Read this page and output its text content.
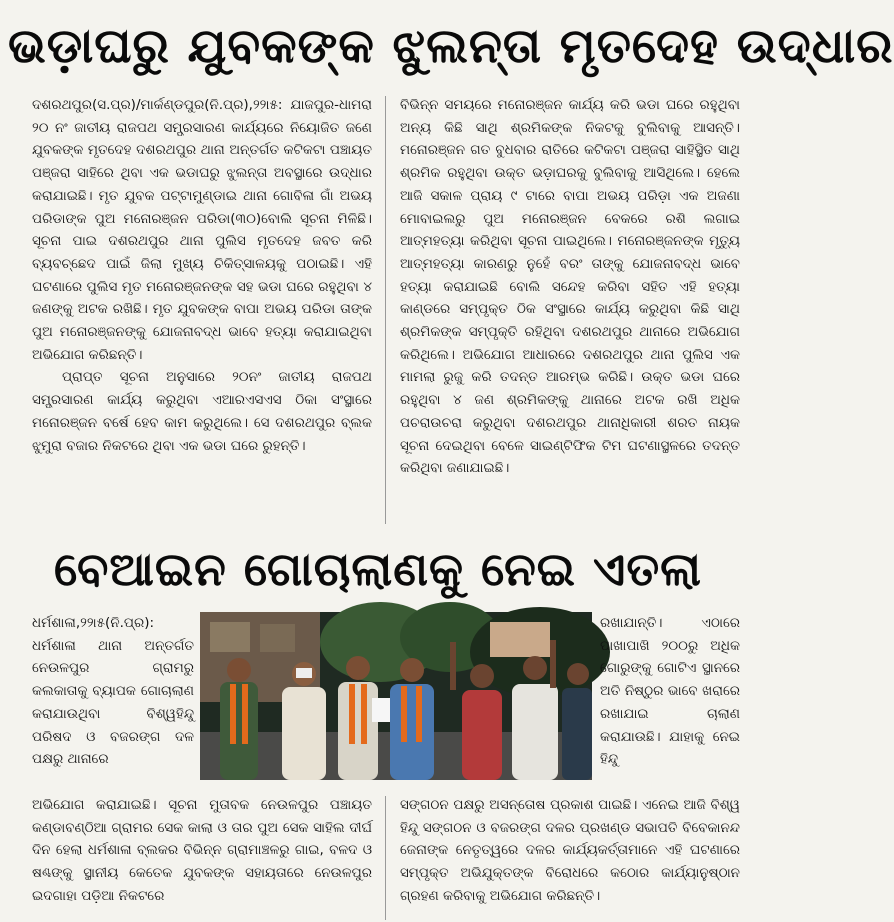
ଭଡ଼ାଘରୁ ଯୁବକଙ୍କ ଝୁଲନ୍ତା ମୃତଦେହ ଉଦ୍ଧାର

ଦଶରଥପୁର(ସ.ପ୍ର)/ମାର୍କଣ୍ଡପୁର(ନି.ପ୍ର),୨୨ା୫: ଯାଜପୁର-ଧାମରା ୨୦ ନଂ ଜାତୀୟ ରାଜପଥ ସମ୍ପ୍ରସାରଣ କାର୍ଯ୍ୟରେ ନିୟୋଜିତ ଜଣେ ଯୁବକଙ୍କ ମୃତଦେହ ଦଶରଥପୁର ଥାନା ଅନ୍ତର୍ଗତ କଟିକଟା ପଞ୍ଚାୟତ ପଞ୍ଜରା ସାହିରେ ଥିବା ଏକ ଭଡାଘରୁ ଝୁଲନ୍ତା ଅବସ୍ଥାରେ ଉଦ୍ଧାର କରାଯାଇଛି। ମୃତ ଯୁବକ ପଟ୍ଟାମୁଣ୍ଡାଇ ଥାନା ଗୋବିଳା ଗାଁ ଅଭୟ ପରିଡାଙ୍କ ପୁଅ ମନୋରଞ୍ଜନ ପରିଡା(୩୦)ବୋଲି ସୂଚନା ମିଳିଛି। ସୂଚନା ପାଇ ଦଶରଥପୁର ଥାନା ପୁଲିସ ମୃତଦେହ ଜବତ କରି ବ୍ୟବଚ୍ଛେଦ ପାଇଁ ଜିଲା ମୁଖ୍ୟ ଚିକିତ୍ସାଳୟକୁ ପଠାଇଛି। ଏହି ଘଟଣାରେ ପୁଲିସ ମୃତ ମନୋରଞ୍ଜନଙ୍କ ସହ ଭଡା ଘରେ ରହୁଥିବା ୪ ଜଣଙ୍କୁ ଅଟକ ରଖିଛି। ମୃତ ଯୁବକଙ୍କ ବାପା ଅଭୟ ପରିଡା ତାଙ୍କ ପୁଅ ମନୋରଞ୍ଜନଙ୍କୁ ଯୋଜନାବଦ୍ଧ ଭାବେ ହତ୍ୟା କରାଯାଇଥିବା ଅଭିଯୋଗ କରିଛନ୍ତି।

ପ୍ରାପ୍ତ ସୂଚନା ଅନୁସାରେ ୨୦ନଂ ଜାତୀୟ ରାଜପଥ ସମ୍ପ୍ରସାରଣ କାର୍ଯ୍ୟ କରୁଥିବା ଏଆରଏସଏସ ଠିକା ସଂସ୍ଥାରେ ମନୋରଞ୍ଜନ ବର୍ଷେ ହେବ କାମ କରୁଥିଲେ। ସେ ଦଶରଥପୁର ବ୍ଲକ ଝୁମୁରା ବଜାର ନିକଟରେ ଥିବା ଏକ ଭଡା ଘରେ ରୁହନ୍ତି।

ବିଭିନ୍ନ ସମୟରେ ମନୋରଞ୍ଜନ କାର୍ଯ୍ୟ କରି ଭଡା ଘରେ ରହୁଥିବା ଅନ୍ୟ କିଛି ସାଥି ଶ୍ରମିକଙ୍କ ନିକଟକୁ ବୁଲିବାକୁ ଆସନ୍ତି। ମନୋରଞ୍ଜନ ଗତ ବୁଧବାର ରାତିରେ କଟିକଟା ପଞ୍ଜରା ସାହିସ୍ଥିତ ସାଥି ଶ୍ରମିକ ରହୁଥିବା ଉକ୍ତ ଭଡ଼ାଘରକୁ ବୁଲିବାକୁ ଆସିଥିଲେ। ହେଲେ ଆଜି ସକାଳ ପ୍ରାୟ ୯ ଟାରେ ବାପା ଅଭୟ ପରିଡ଼ା ଏକ ଅଜଣା ମୋବାଇଲରୁ ପୁଅ ମନୋରଞ୍ଜନ ବେକରେ ରଶି ଲଗାଇ ଆତ୍ମହତ୍ୟା କରିଥିବା ସୂଚନା ପାଇଥିଲେ। ମନୋରଞ୍ଜନଙ୍କ ମୃତ୍ୟୁ ଆତ୍ମହତ୍ୟା କାରଣରୁ ନୁହେଁ ବରଂ ତାଙ୍କୁ ଯୋଜନାବଦ୍ଧ ଭାବେ ହତ୍ୟା କରାଯାଇଛି ବୋଲି ସନ୍ଦେହ କରିବା ସହିତ ଏହି ହତ୍ୟା କାଣ୍ଡରେ ସମ୍ପୃକ୍ତ ଠିକ ସଂସ୍ଥାରେ କାର୍ଯ୍ୟ କରୁଥିବା କିଛି ସାଥି ଶ୍ରମିକଙ୍କ ସମ୍ପୃକ୍ତି ରହିଥିବା ଦଶରଥପୁର ଥାନାରେ ଅଭିଯୋଗ କରିଥିଲେ। ଅଭିଯୋଗ ଆଧାରରେ ଦଶରଥପୁର ଥାନା ପୁଲିସ ଏକ ମାମଲା ରୁଜୁ କରି ତଦନ୍ତ ଆରମ୍ଭ କରିଛି। ଉକ୍ତ ଭଡା ଘରେ ରହୁଥିବା ୪ ଜଣ ଶ୍ରମିକଙ୍କୁ ଥାନାରେ ଅଟକ ରଖି ଅଧିକ ପଚରାଉଚରା କରୁଥିବା ଦଶରଥପୁର ଥାନାଧିକାରୀ ଶରତ ନାୟକ ସୂଚନା ଦେଇଥିବା ବେଳେ ସାଇଣ୍ଟିଫିକ ଟିମ ଘଟଣାସ୍ଥଳରେ ତଦନ୍ତ କରିଥିବା ଜଣାଯାଇଛି।

ବେଆଇନ ଗୋଚାଲାଣକୁ ନେଇ ଏତଲା

ଧର୍ମଶାଳା,୨୨ା୫(ନି.ପ୍ର): ଧର୍ମଶାଳା ଥାନା ଅନ୍ତର୍ଗତ ନେଉଳପୁର ଗ୍ରାମରୁ କଲକାତାକୁ ବ୍ୟାପକ ଗୋଚାଲାଣ କରାଯାଉଥିବା ବିଶ୍ୱହିନ୍ଦୁ ପରିଷଦ ଓ ବଜରଙ୍ଗ ଦଳ ପକ୍ଷରୁ ଥାନାରେ

ରଖାଯାନ୍ତି। ଏଠାରେ ପାଖାପାଖି ୨୦୦ରୁ ଅଧିକ ଗୋରୁଙ୍କୁ ଗୋଟିଏ ସ୍ଥାନରେ ଅତି ନିଷ୍ଠୁର ଭାବେ ଖରାରେ ରଖାଯାଇ ଚାଲାଣ କରାଯାଉଛି। ଯାହାକୁ ନେଇ ହିନ୍ଦୁ

ଅଭିଯୋଗ କରାଯାଇଛି। ସୂଚନା ମୁତାବକ ନେଉଳପୁର ପଞ୍ଚାୟତ କଣ୍ଡାବଣ୍ଠିଆ ଗ୍ରାମର ସେକ କାଲା ଓ ତାର ପୁଅ ସେକ ସାହିଲ ଦୀର୍ଘ ଦିନ ହେଲା ଧର୍ମଶାଳା ବ୍ଲକର ବିଭିନ୍ନ ଗ୍ରାମାଞ୍ଚଳରୁ ଗାଇ, ବଳଦ ଓ ଷଣ୍ଢଙ୍କୁ ସ୍ଥାନୀୟ କେତେକ ଯୁବକଙ୍କ ସହାୟତାରେ ନେଉଳପୁର ଇଦଗାହା ପଡ଼ିଆ ନିକଟରେ

ସଙ୍ଗଠନ ପକ୍ଷରୁ ଅସନ୍ତୋଷ ପ୍ରକାଶ ପାଇଛି। ଏନେଇ ଆଜି ବିଶ୍ୱ ହିନ୍ଦୁ ସଙ୍ଗଠନ ଓ ବଜରଙ୍ଗ ଦଳର ପ୍ରଖଣ୍ଡ ସଭାପତି ବିବେକାନନ୍ଦ ଜେନାଙ୍କ ନେତୃତ୍ୱରେ ଦଳର କାର୍ଯ୍ୟକର୍ତ୍ତାମାନେ ଏହି ଘଟଣାରେ ସମ୍ପୃକ୍ତ ଅଭିଯୁକ୍ତଙ୍କ ବିରୋଧରେ କଠୋର କାର୍ଯ୍ୟାନୁଷ୍ଠାନ ଗ୍ରହଣ କରିବାକୁ ଅଭିଯୋଗ କରିଛନ୍ତି।
